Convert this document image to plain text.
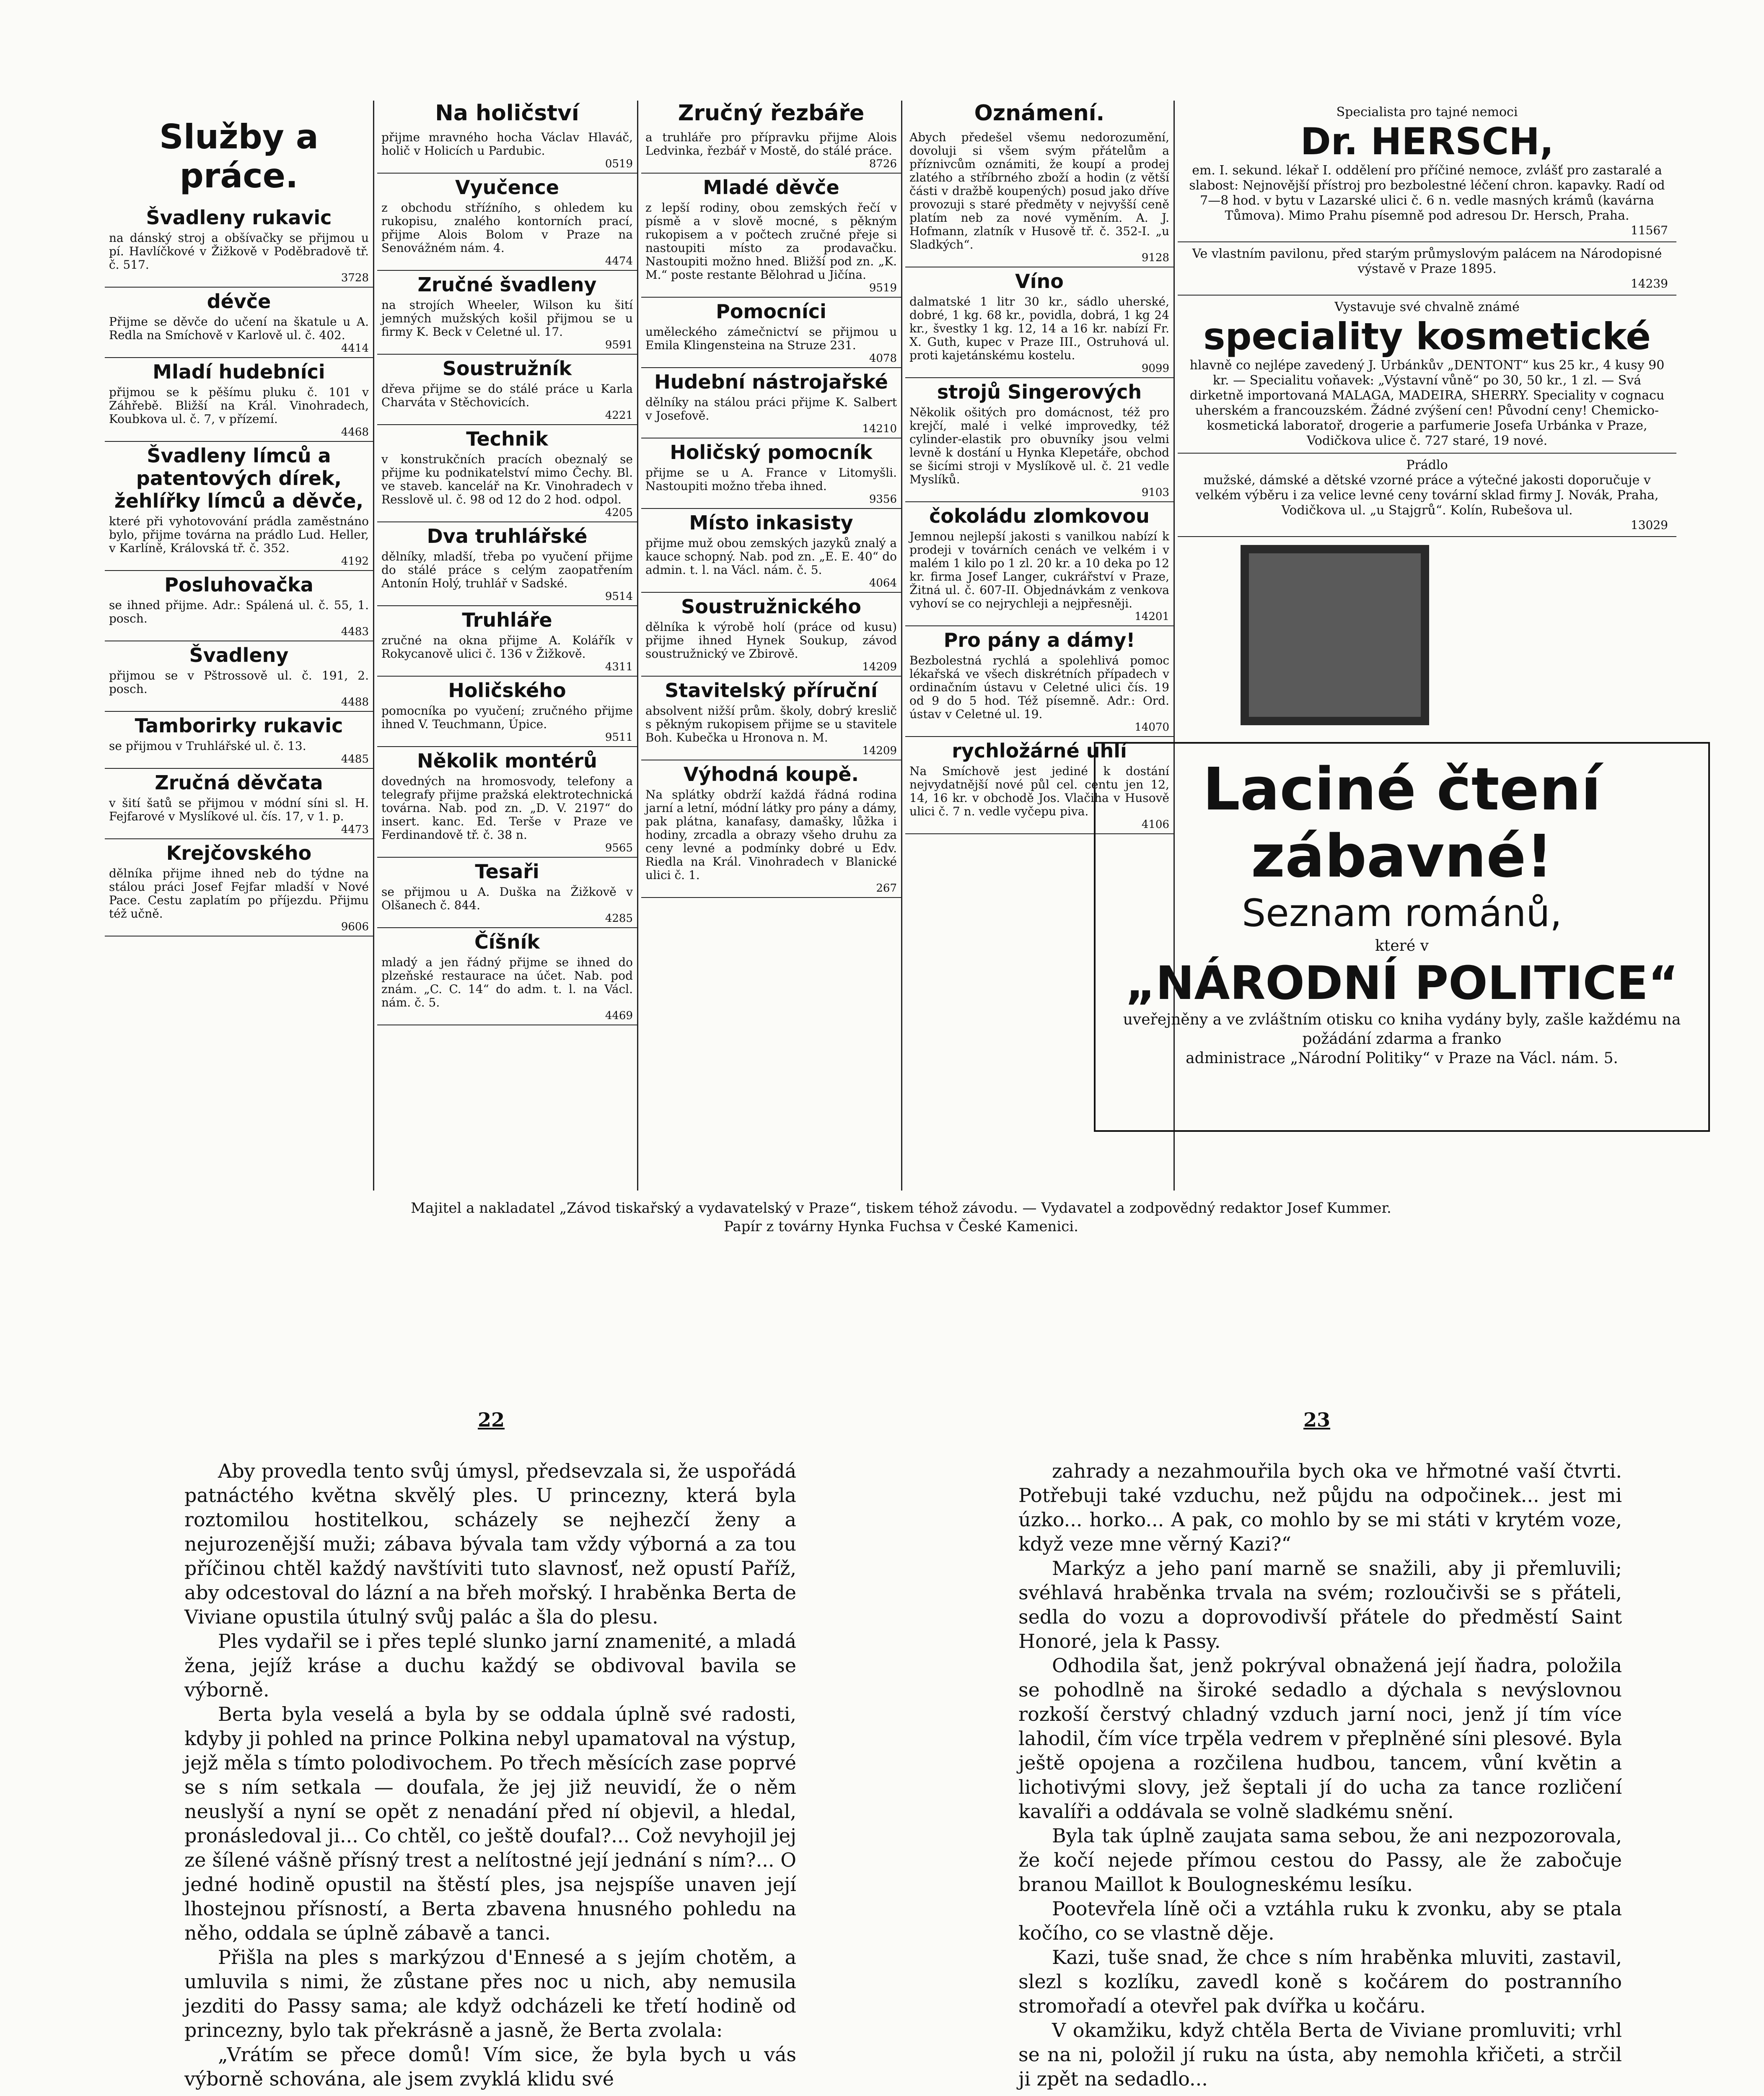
Služby a práce.
Švadleny rukavic

na dánský stroj a obšívačky se přijmou u pí. Havlíčkové v Žižkově v Poděbradově tř. č. 517.

3728
dévče

Přijme se děvče do učení na škatule u A. Redla na Smíchově v Karlově ul. č. 402.

4414
Mladí hudebníci

přijmou se k pěšímu pluku č. 101 v Záhřebě. Bližší na Král. Vinohradech, Koubkova ul. č. 7, v přízemí.

4468
Švadleny límců a patentových dírek, žehlířky límců a děvče,

které při vyhotovování prádla zaměstnáno bylo, přijme továrna na prádlo Lud. Heller, v Karlíně, Královská tř. č. 352.

4192
Posluhovačka

se ihned přijme. Adr.: Spálená ul. č. 55, 1. posch.

4483
Švadleny

přijmou se v Pštrossově ul. č. 191, 2. posch.

4488
Tamborirky rukavic

se přijmou v Truhlářské ul. č. 13.

4485
Zručná děvčata

v šití šatů se přijmou v módní síni sl. H. Fejfarové v Myslíkové ul. čís. 17, v 1. p.

4473
Krejčovského

dělníka přijme ihned neb do týdne na stálou práci Josef Fejfar mladší v Nové Pace. Cestu zaplatím po příjezdu. Přijmu též učně.

9606
Na holičství

přijme mravného hocha Václav Hlaváč, holič v Holicích u Pardubic.

0519
Vyučence

z obchodu stříźního, s ohledem ku rukopisu, znalého kontorních prací, přijme Alois Bolom v Praze na Senovážném nám. 4.

4474
Zručné švadleny

na strojích Wheeler, Wilson ku šití jemných mužských košil přijmou se u firmy K. Beck v Celetné ul. 17.

9591
Soustružník

dřeva přijme se do stálé práce u Karla Charváta v Stěchovicích.

4221
Technik

v konstrukčních pracích obeznalý se přijme ku podnikatelství mimo Čechy. Bl. ve staveb. kancelář na Kr. Vinohradech v Resslově ul. č. 98 od 12 do 2 hod. odpol.

4205
Dva truhlářské

dělníky, mladší, třeba po vyučení přijme do stálé práce s celým zaopatřením Antonín Holý, truhlář v Sadské.

9514
Truhláře

zručné na okna přijme A. Kolářík v Rokycanově ulici č. 136 v Žižkově.

4311
Holičského

pomocníka po vyučení; zručného přijme ihned V. Teuchmann, Úpice.

9511
Několik montérů

dovedných na hromosvody, telefony a telegrafy přijme pražská elektrotechnická továrna. Nab. pod zn. „D. V. 2197“ do insert. kanc. Ed. Terše v Praze ve Ferdinandově tř. č. 38 n.

9565
Tesaři

se přijmou u A. Duška na Žižkově v Olšanech č. 844.

4285
Číšník

mladý a jen řádný přijme se ihned do plzeňské restaurace na účet. Nab. pod znám. „C. C. 14“ do adm. t. l. na Václ. nám. č. 5.

4469
Zručný řezbáře

a truhláře pro přípravku přijme Alois Ledvinka, řezbář v Mostě, do stálé práce.

8726
Mladé děvče

z lepší rodiny, obou zemských řečí v písmě a v slově mocné, s pěkným rukopisem a v počtech zručné přeje si nastoupiti místo za prodavačku. Nastoupiti možno hned. Bližší pod zn. „K. M.“ poste restante Bělohrad u Jičína.

9519
Pomocníci

uměleckého zámečnictví se přijmou u Emila Klingensteina na Struze 231.

4078
Hudební nástrojařské

dělníky na stálou práci přijme K. Salbert v Josefově.

14210
Holičský pomocník

přijme se u A. France v Litomyšli. Nastoupiti možno třeba ihned.

9356
Místo inkasisty

přijme muž obou zemských jazyků znalý a kauce schopný. Nab. pod zn. „E. E. 40“ do admin. t. l. na Václ. nám. č. 5.

4064
Soustružnického

dělníka k výrobě holí (práce od kusu) přijme ihned Hynek Soukup, závod soustružnický ve Zbirově.

14209
Stavitelský příruční

absolvent nižší prům. školy, dobrý kreslič s pěkným rukopisem přijme se u stavitele Boh. Kubečka u Hronova n. M.

14209
Výhodná koupě.

Na splátky obdrží každá řádná rodina jarní a letní, módní látky pro pány a dámy, pak plátna, kanafasy, damašky, lůžka i hodiny, zrcadla a obrazy všeho druhu za ceny levné a podmínky dobré u Edv. Riedla na Král. Vinohradech v Blanické ulici č. 1.

267
Oznámení.

Abych předešel všemu nedorozumění, dovoluji si všem svým přátelům a příznivcům oznámiti, že koupí a prodej zlatého a stříbrného zboží a hodin (z větší části v dražbě koupených) posud jako dříve provozuji s staré předměty v nejvyšší ceně platím neb za nové vyměním. A. J. Hofmann, zlatník v Husově tř. č. 352-I. „u Sladkých“.

9128
Víno

dalmatské 1 litr 30 kr., sádlo uherské, dobré, 1 kg. 68 kr., povidla, dobrá, 1 kg 24 kr., švestky 1 kg. 12, 14 a 16 kr. nabízí Fr. X. Guth, kupec v Praze III., Ostruhová ul. proti kajetánskému kostelu.

9099
strojů Singerových

Několik ošitých pro domácnost, též pro krejčí, malé i velké improvedky, též cylinder-elastik pro obuvníky jsou velmi levně k dostání u Hynka Klepetáře, obchod se šicími stroji v Myslíkově ul. č. 21 vedle Myslíků.

9103
čokoládu zlomkovou

Jemnou nejlepší jakosti s vanilkou nabízí k prodeji v továrních cenách ve velkém i v malém 1 kilo po 1 zl. 20 kr. a 10 deka po 12 kr. firma Josef Langer, cukrářství v Praze, Žitná ul. č. 607-II. Objednávkám z venkova vyhoví se co nejrychleji a nejpřesněji.

14201
Pro pány a dámy!

Bezbolestná rychlá a spolehlivá pomoc lékařská ve všech diskrétních případech v ordinačním ústavu v Celetné ulici čís. 19 od 9 do 5 hod. Též písemně. Adr.: Ord. ústav v Celetné ul. 19.

14070
rychložárné uhlí

Na Smíchově jest jediné k dostání nejvydatnější nové půl cel. centu jen 12, 14, 16 kr. v obchodě Jos. Vlačiha v Husově ulici č. 7 n. vedle vyčepu piva.

4106
Specialista pro tajné nemoci
Dr. HERSCH,
em. I. sekund. lékař I. oddělení pro příčiné nemoce, zvlášť pro zastaralé a slabost: Nejnovější přístroj pro bezbolestné léčení chron. kapavky. Radí od 7—8 hod. v bytu v Lazarské ulici č. 6 n. vedle masných krámů (kavárna Tůmova). Mimo Prahu písemně pod adresou Dr. Hersch, Praha.
11567
Ve vlastním pavilonu, před starým průmyslovým palácem na Národopisné výstavě v Praze 1895.
14239
Vystavuje své chvalně známé
speciality kosmetické
hlavně co nejlépe zavedený J. Urbánkův „DENTONT“ kus 25 kr., 4 kusy 90 kr. — Specialitu voňavek: „Výstavní vůně“ po 30, 50 kr., 1 zl. — Svá dirketně importovaná MALAGA, MADEIRA, SHERRY. Speciality v cognacu uherském a francouzském. Žádné zvýšení cen! Původní ceny! Chemicko-kosmetická laboratoř, drogerie a parfumerie Josefa Urbánka v Praze, Vodičkova ulice č. 727 staré, 19 nové.
Prádlo
mužské, dámské a dětské vzorné práce a výtečné jakosti doporučuje v velkém výběru i za velice levné ceny tovární sklad firmy J. Novák, Praha, Vodičkova ul. „u Stajgrů“. Kolín, Rubešova ul.
13029
Laciné čtení zábavné!
Seznam románů,
které v
„NÁRODNÍ POLITICE“
uveřejněny a ve zvláštním otisku co kniha vydány byly, zašle každému na požádání zdarma a franko
administrace „Národní Politiky“ v Praze na Václ. nám. 5.
Majitel a nakladatel „Závod tiskařský a vydavatelský v Praze“, tiskem téhož závodu. — Vydavatel a zodpovědný redaktor Josef Kummer.
Papír z továrny Hynka Fuchsa v České Kamenici.
22	23

Aby provedla tento svůj úmysl, předsevzala si, že uspořádá patnáctého května skvělý ples. U princezny, která byla roztomilou hostitelkou, scházely se nejhezčí ženy a nejurozenější muži; zábava bývala tam vždy výborná a za tou příčinou chtěl každý navštíviti tuto slavnosť, než opustí Paříž, aby odcestoval do lázní a na břeh mořský. I hraběnka Berta de Viviane opustila útulný svůj palác a šla do plesu.

Ples vydařil se i přes teplé slunko jarní znamenité, a mladá žena, jejíž krásе a duchu každý se obdivoval bavila se výborně.

Berta byla veselá a byla by se oddala úplně své radosti, kdyby ji pohled na prince Polkina nebyl upamatoval na výstup, jejž měla s tímto polodivochem. Po třech měsících zase poprvé se s ním setkala — doufala, že jej již neuvidí, že o něm neuslyší a nyní se opět z nenadání před ní objevil, a hledal, pronásledoval ji... Co chtěl, co ještě doufal?... Což nevyhojil jej ze šílené vášně přísný trest a nelítostné její jednání s ním?... O jedné hodině opustil na štěstí ples, jsa nejspíše unaven její lhostejnou přísností, a Berta zbavena hnusného pohledu na něho, oddala se úplně zábavě a tanci.

Přišla na ples s markýzou d'Ennesé a s jejím chotěm, a umluvila s nimi, že zůstane přes noc u nich, aby nemusila jezditi do Passy sama; ale když odcházeli ke třetí hodině od princezny, bylo tak překrásně a jasně, že Berta zvolala:

„Vrátím se přece domů! Vím sice, že byla bych u vás výborně schována, ale jsem zvyklá klidu své

zahrady a nezahmouřila bych oka ve hřmotné vaší čtvrti. Potřebuji také vzduchu, než půjdu na odpočinek... jest mi úzko... horko... A pak, co mohlo by se mi státi v krytém voze, když veze mne věrný Kazi?“

Markýz a jeho paní marně se snažili, aby ji přemluvili; svéhlavá hraběnka trvala na svém; rozloučivši se s přáteli, sedla do vozu a doprovodivší přátele do předměstí Saint Honoré, jela k Passy.

Odhodila šat, jenž pokrýval obnažená její ňadra, položila se pohodlně na široké sedadlo a dýchala s nevýslovnou rozkoší čerstvý chladný vzduch jarní noci, jenž jí tím více lahodil, čím více trpěla vedrem v přeplněné síni plesové. Byla ještě opojena a rozčilena hudbou, tancem, vůní květin a lichotivými slovy, jež šeptali jí do ucha za tance rozličení kavalíři a oddávala se volně sladkému snění.

Byla tak úplně zaujata sama sebou, že ani nezpozorovala, že kočí nejede přímou cestou do Passy, ale že zabočuje branou Maillot k Boulogneskému lesíku.

Pootevřela líně oči a vztáhla ruku k zvonku, aby se ptala kočího, co se vlastně děje.

Kazi, tuše snad, že chce s ním hraběnka mluviti, zastavil, slezl s kozlíku, zavedl koně s kočárem do postranního stromořadí a otevřel pak dvířka u kočáru.

V okamžiku, když chtěla Berta de Viviane promluviti; vrhl se na ni, položil jí ruku na ústa, aby nemohla křičeti, a strčil ji zpět na sedadlo...
